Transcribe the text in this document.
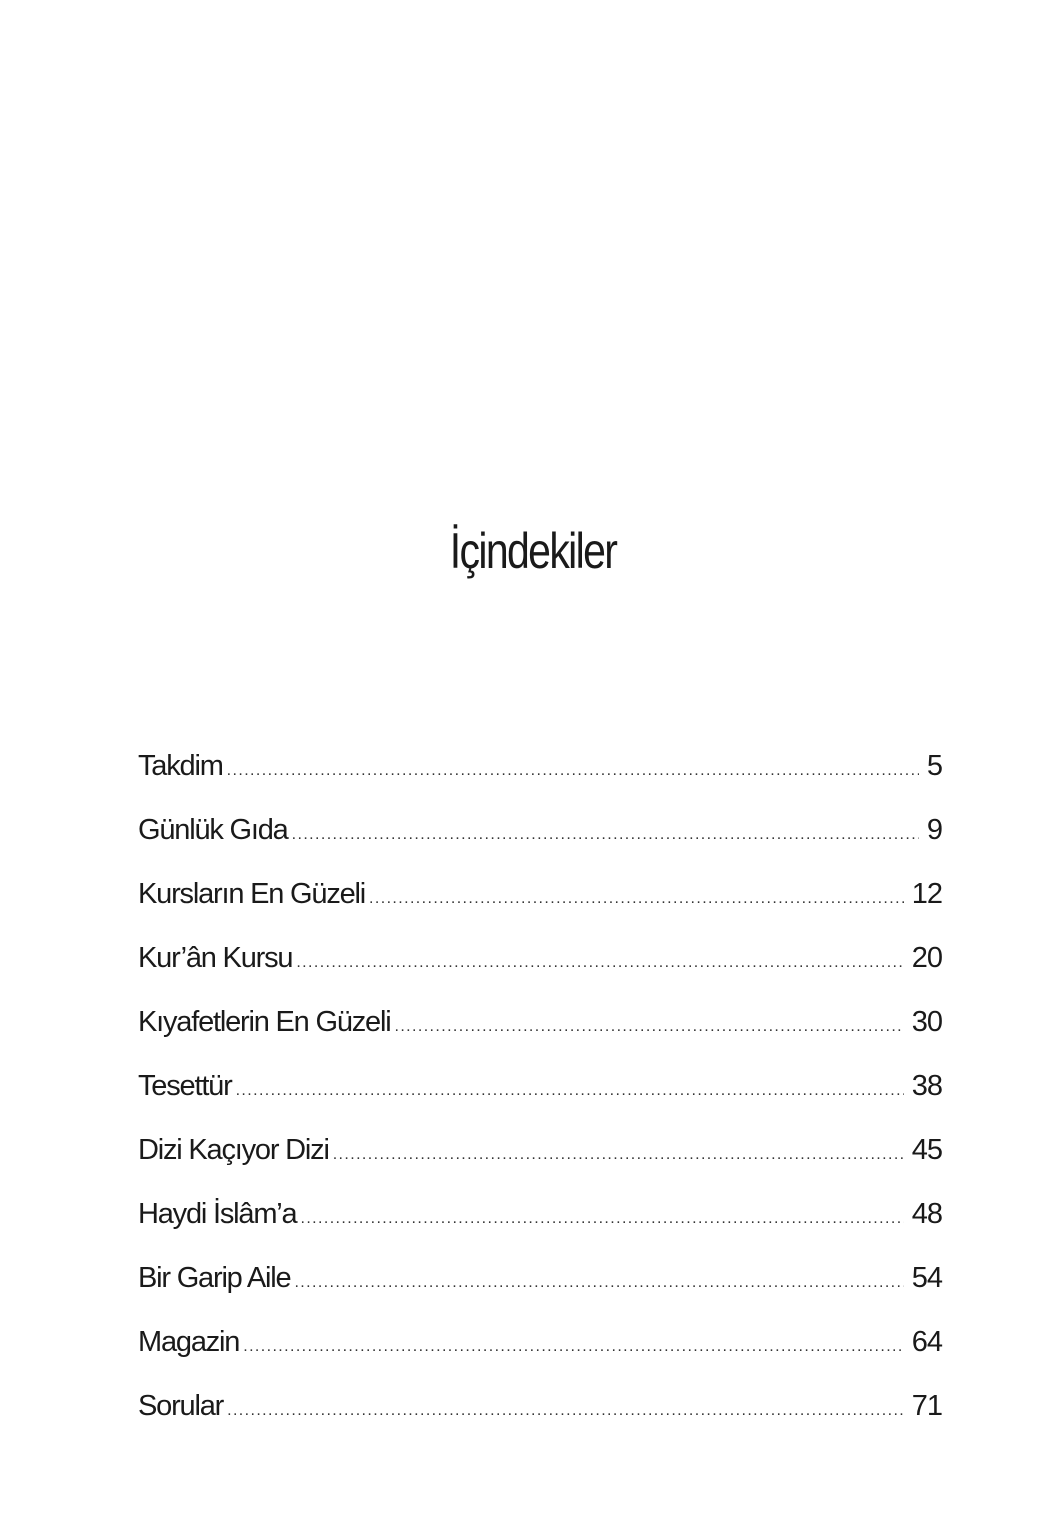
İçindekiler
Takdim .....	5
Günlük Gıda .....	9
Kursların En Güzeli .....	12
Kur’ân Kursu .....	20
Kıyafetlerin En Güzeli .....	30
Tesettür .....	38
Dizi Kaçıyor Dizi .....	45
Haydi İslâm’a .....	48
Bir Garip Aile .....	54
Magazin .....	64
Sorular .....	71
